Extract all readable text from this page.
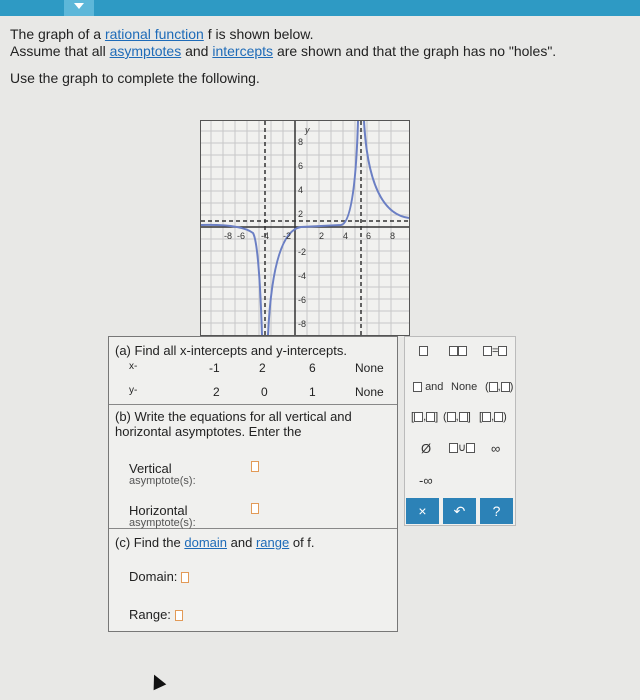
The graph of a rational function f is shown below.
Assume that all asymptotes and intercepts are shown and that the graph has no "holes".
Use the graph to complete the following.
y
-8 -6 -4 -2	2 4 6 8
8
6
4
2
-2
-4
-6
-8
(a) Find all x-intercepts and y-intercepts.
x-	-1	2	6	None
y-	2	0	1	None
(b) Write the equations for all vertical and horizontal asymptotes. Enter the
Vertical
asymptote(s):
Horizontal
asymptote(s):
(c) Find the domain and range of f.
Domain:
Range:
=
and None ( , )
[ , ] ( , ] [ , )
Ø	∪	∞
-∞
×	↶	?
